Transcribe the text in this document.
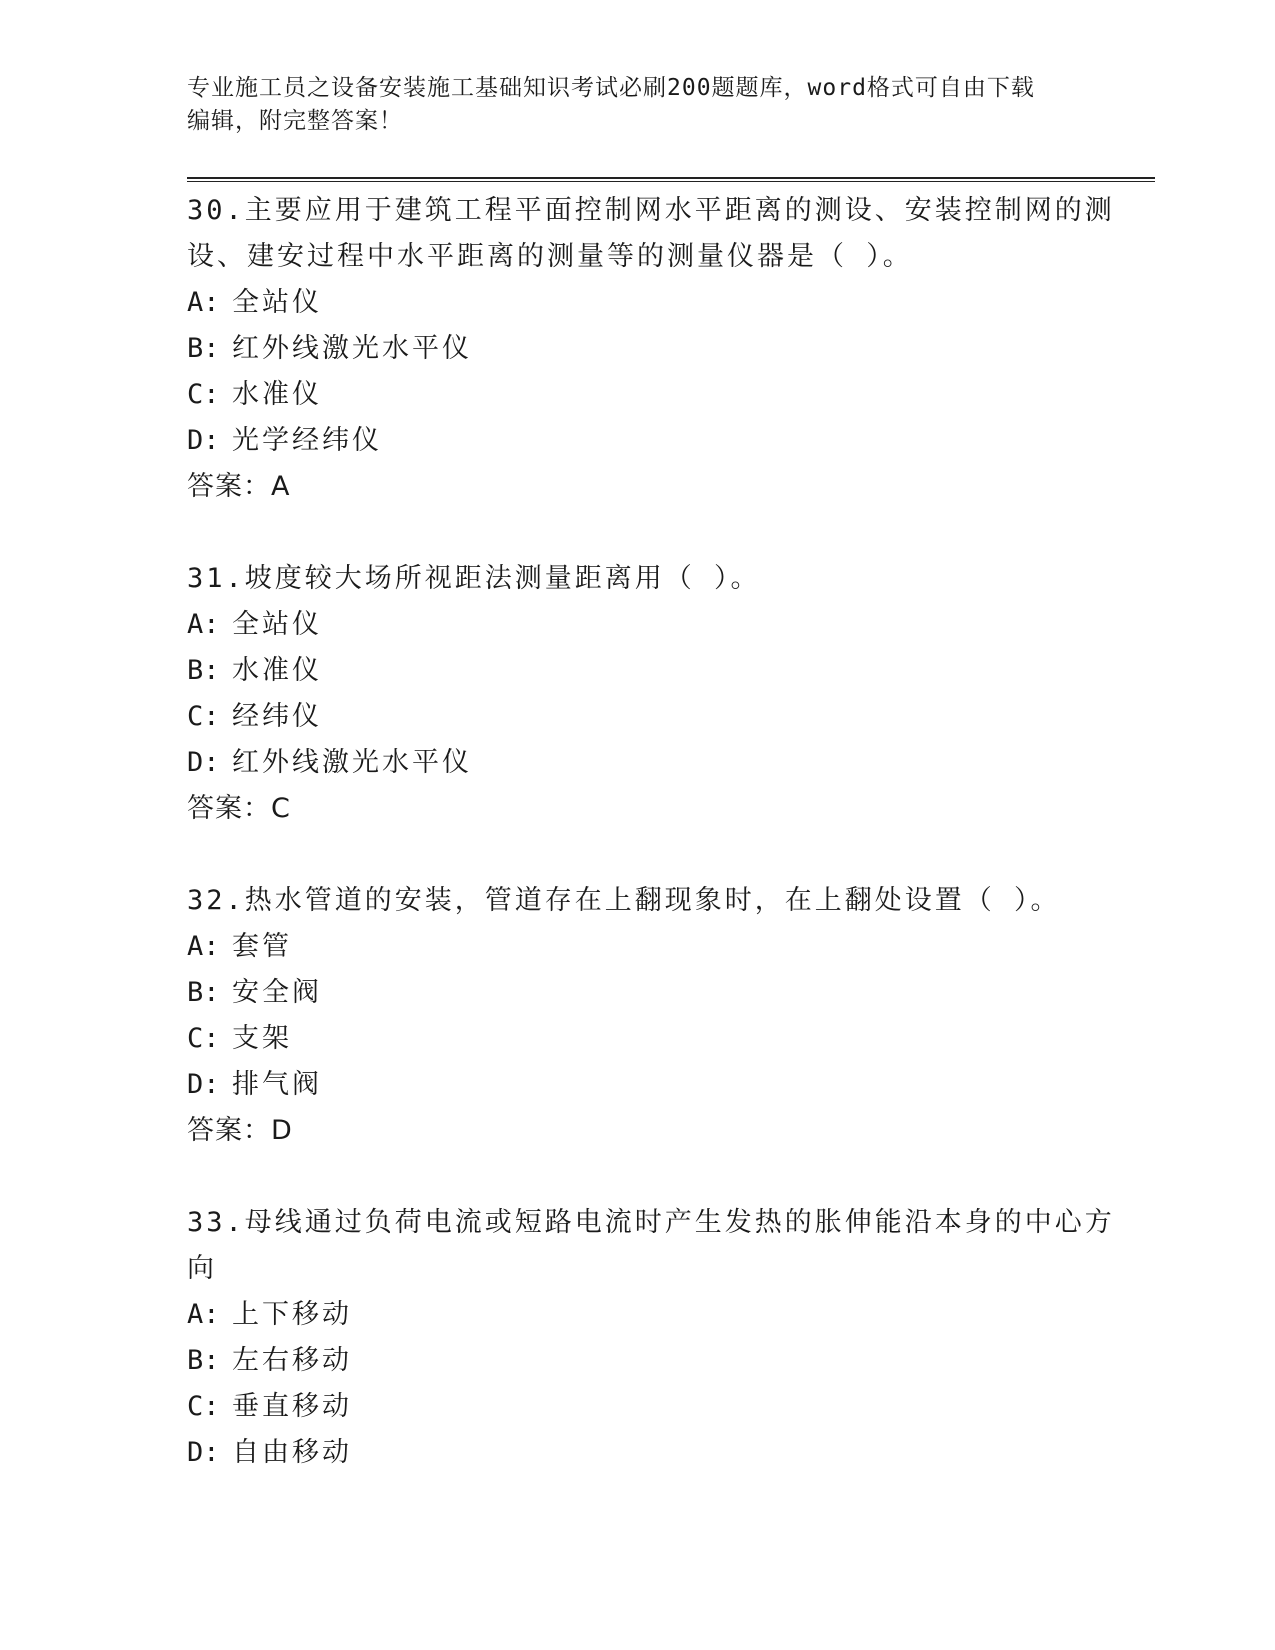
专业施工员之设备安装施工基础知识考试必刷200题题库，word格式可自由下载
编辑，附完整答案！
30.主要应用于建筑工程平面控制网水平距离的测设、安装控制网的测
设、建安过程中水平距离的测量等的测量仪器是（ ）。
A: 全站仪
B: 红外线激光水平仪
C: 水准仪
D: 光学经纬仪
答案：A
31.坡度较大场所视距法测量距离用（ ）。
A: 全站仪
B: 水准仪
C: 经纬仪
D: 红外线激光水平仪
答案：C
32.热水管道的安装，管道存在上翻现象时，在上翻处设置（ ）。
A: 套管
B: 安全阀
C: 支架
D: 排气阀
答案：D
33.母线通过负荷电流或短路电流时产生发热的胀伸能沿本身的中心方
向
A: 上下移动
B: 左右移动
C: 垂直移动
D: 自由移动
